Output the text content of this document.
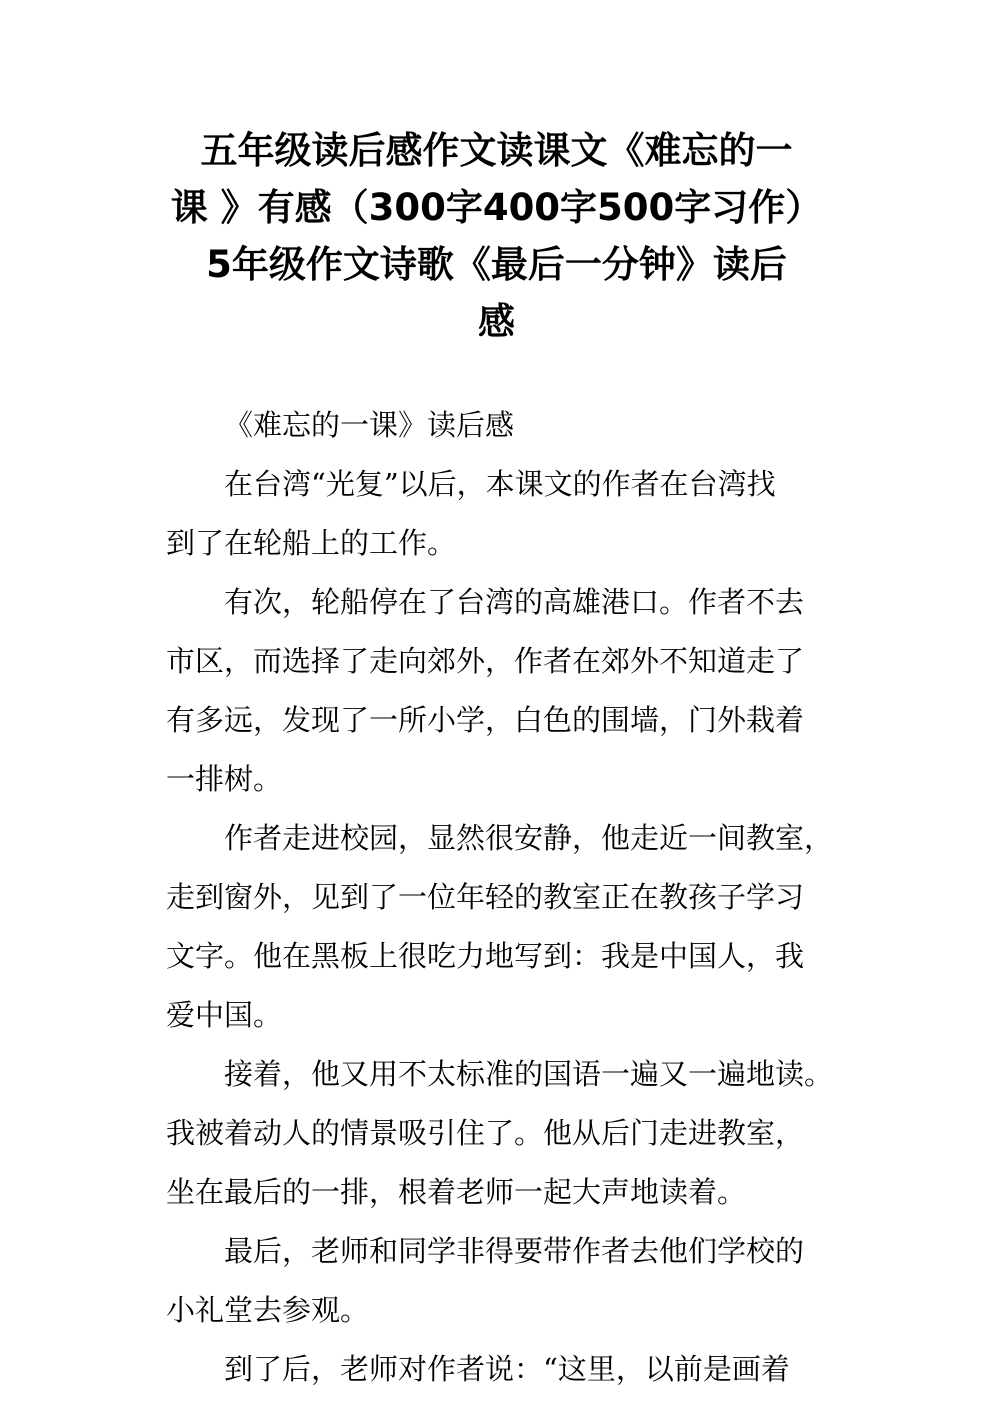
五年级读后感作文读课文《难忘的一
课 》有感（300字400字500字习作）
5年级作文诗歌《最后一分钟》读后
感

《难忘的一课》读后感

在台湾“光复”以后，本课文的作者在台湾找
到了在轮船上的工作。

有次，轮船停在了台湾的高雄港口。作者不去
市区，而选择了走向郊外，作者在郊外不知道走了
有多远，发现了一所小学，白色的围墙，门外栽着
一排树。

作者走进校园，显然很安静，他走近一间教室，
走到窗外，见到了一位年轻的教室正在教孩子学习
文字。他在黑板上很吃力地写到：我是中国人，我
爱中国。

接着，他又用不太标准的国语一遍又一遍地读。
我被着动人的情景吸引住了。他从后门走进教室，
坐在最后的一排，根着老师一起大声地读着。

最后，老师和同学非得要带作者去他们学校的
小礼堂去参观。

到了后，老师对作者说：“这里，以前是画着
